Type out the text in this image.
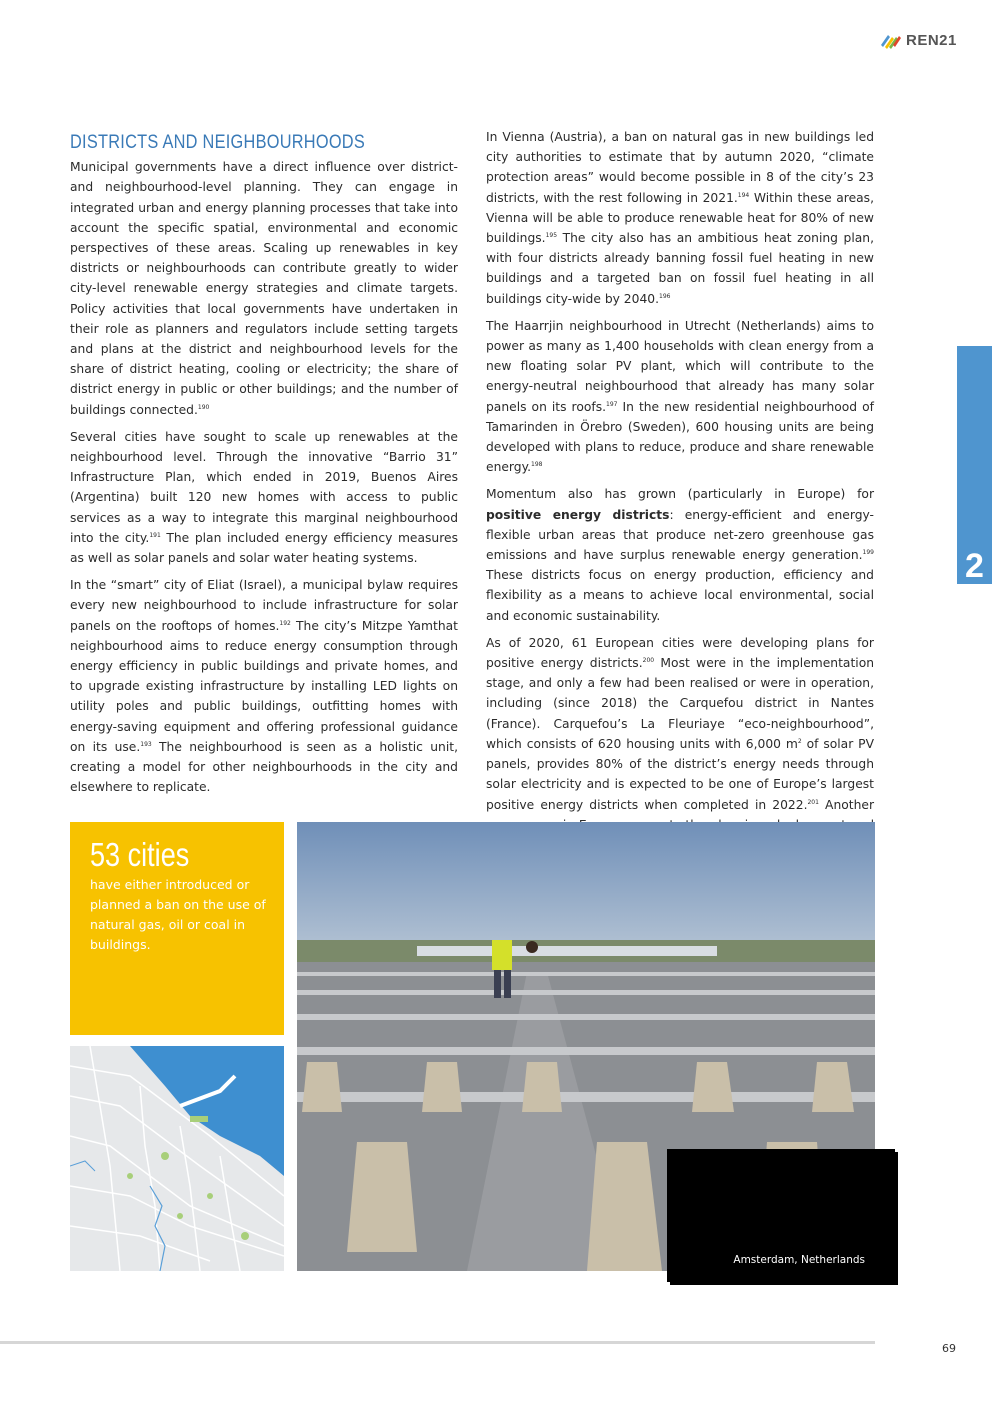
REN21
DISTRICTS AND NEIGHBOURHOODS

Municipal governments have a direct influence over district- and neighbourhood-level planning. They can engage in integrated urban and energy planning processes that take into account the specific spatial, environmental and economic perspectives of these areas. Scaling up renewables in key districts or neighbourhoods can contribute greatly to wider city-level renewable energy strategies and climate targets. Policy activities that local governments have undertaken in their role as planners and regulators include setting targets and plans at the district and neighbourhood levels for the share of district heating, cooling or electricity; the share of district energy in public or other buildings; and the number of buildings connected.$^{190}$

Several cities have sought to scale up renewables at the neighbourhood level. Through the innovative “Barrio 31” Infrastructure Plan, which ended in 2019, Buenos Aires (Argentina) built 120 new homes with access to public services as a way to integrate this marginal neighbourhood into the city.$^{191}$ The plan included energy efficiency measures as well as solar panels and solar water heating systems.

In the “smart” city of Eliat (Israel), a municipal bylaw requires every new neighbourhood to include infrastructure for solar panels on the rooftops of homes.$^{192}$ The city’s Mitzpe Yamthat neighbourhood aims to reduce energy consumption through energy efficiency in public buildings and private homes, and to upgrade existing infrastructure by installing LED lights on utility poles and public buildings, outfitting homes with energy-saving equipment and offering professional guidance on its use.$^{193}$ The neighbourhood is seen as a holistic unit, creating a model for other neighbourhoods in the city and elsewhere to replicate.

In Vienna (Austria), a ban on natural gas in new buildings led city authorities to estimate that by autumn 2020, “climate protection areas” would become possible in 8 of the city’s 23 districts, with the rest following in 2021.$^{194}$ Within these areas, Vienna will be able to produce renewable heat for 80% of new buildings.$^{195}$ The city also has an ambitious heat zoning plan, with four districts already banning fossil fuel heating in new buildings and a targeted ban on fossil fuel heating in all buildings city-wide by 2040.$^{196}$

The Haarrjin neighbourhood in Utrecht (Netherlands) aims to power as many as 1,400 households with clean energy from a new floating solar PV plant, which will contribute to the energy-neutral neighbourhood that already has many solar panels on its roofs.$^{197}$ In the new residential neighbourhood of Tamarinden in Örebro (Sweden), 600 housing units are being developed with plans to reduce, produce and share renewable energy.$^{198}$

Momentum also has grown (particularly in Europe) for positive energy districts: energy-efficient and energy-flexible urban areas that produce net-zero greenhouse gas emissions and have surplus renewable energy generation.$^{199}$ These districts focus on energy production, efficiency and flexibility as a means to achieve local environmental, social and economic sustainability.

As of 2020, 61 European cities were developing plans for positive energy districts.$^{200}$ Most were in the implementation stage, and only a few had been realised or were in operation, including (since 2018) the Carquefou district in Nantes (France). Carquefou’s La Fleuriaye “eco-neighbourhood”, which consists of 620 housing units with 6,000 $m^2$ of solar PV panels, provides 80% of the district’s energy needs through solar electricity and is expected to be one of Europe’s largest positive energy districts when completed in 2022.$^{201}$ Another

2
53 cities
have either introduced or planned a ban on the use of natural gas, oil or coal in buildings.
Amsterdam, Netherlands
69
